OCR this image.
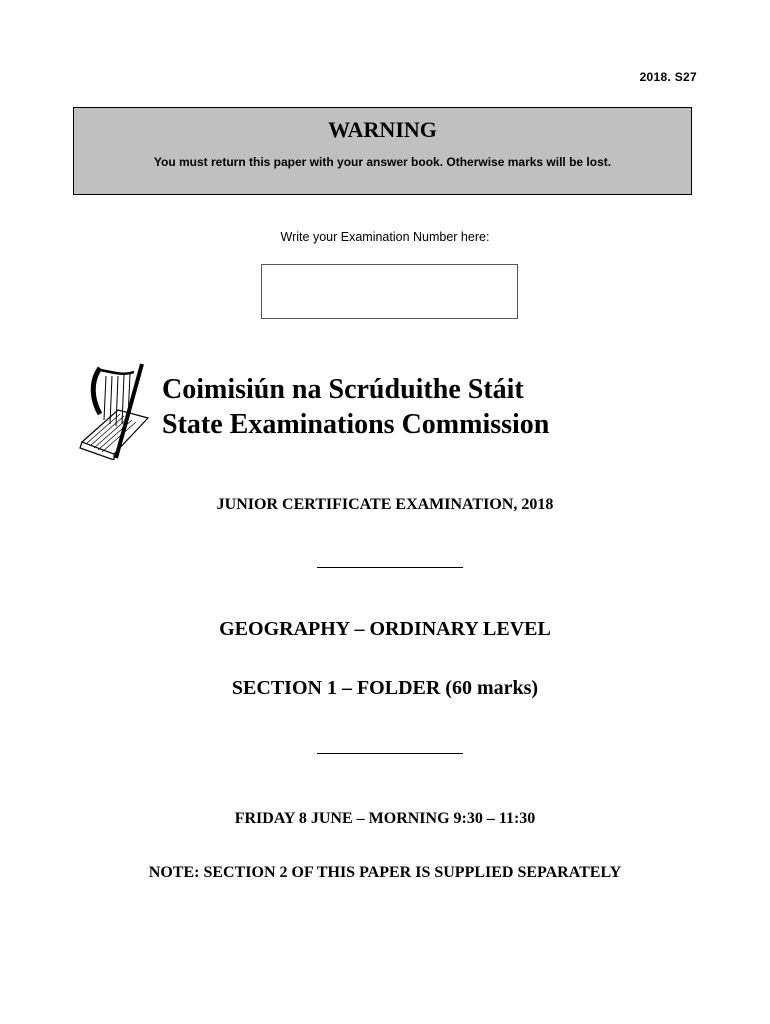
2018. S27
WARNING
You must return this paper with your answer book. Otherwise marks will be lost.
Write your Examination Number here:
Coimisiún na Scrúduithe Stáit
State Examinations Commission
JUNIOR CERTIFICATE EXAMINATION, 2018
GEOGRAPHY – ORDINARY LEVEL
SECTION 1 – FOLDER (60 marks)
FRIDAY 8 JUNE – MORNING 9:30 – 11:30
NOTE: SECTION 2 OF THIS PAPER IS SUPPLIED SEPARATELY
